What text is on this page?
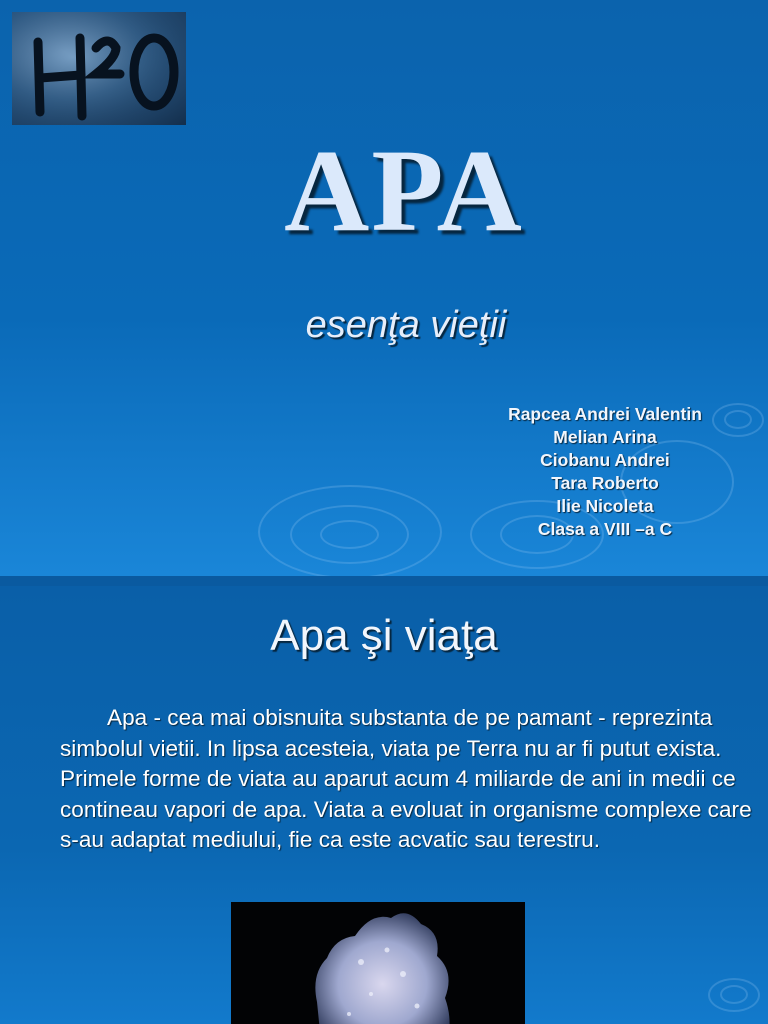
APA
esenţa vieţii
Rapcea Andrei Valentin
Melian Arina
Ciobanu Andrei
Tara Roberto
Ilie Nicoleta
Clasa a VIII –a C
Apa şi viaţa

Apa - cea mai obisnuita substanta de pe pamant - reprezinta simbolul vietii. In lipsa acesteia, viata pe Terra nu ar fi putut exista. Primele forme de viata au aparut acum 4 miliarde de ani in medii ce contineau vapori de apa. Viata a evoluat in organisme complexe care s-au adaptat mediului, fie ca este acvatic sau terestru.
